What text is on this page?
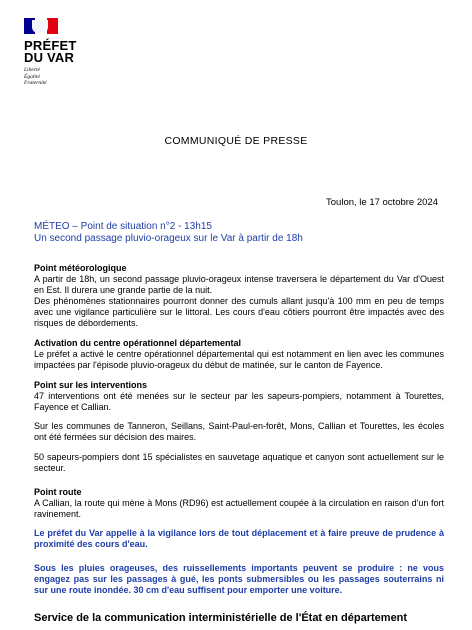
PRÉFET
DU VAR
Liberté
Égalité
Fraternité
COMMUNIQUÉ DE PRESSE
Toulon, le 17 octobre 2024
MÉTEO – Point de situation n°2 - 13h15
Un second passage pluvio-orageux sur le Var à partir de 18h
Point météorologique
A partir de 18h, un second passage pluvio-orageux intense traversera le département du Var d'Ouest en Est. Il durera une grande partie de la nuit.
Des phénomènes stationnaires pourront donner des cumuls allant jusqu'à 100 mm en peu de temps avec une vigilance particulière sur le littoral. Les cours d'eau côtiers pourront être impactés avec des risques de débordements.
Activation du centre opérationnel départemental
Le préfet a activé le centre opérationnel départemental qui est notamment en lien avec les communes impactées par l'épisode pluvio-orageux du début de matinée, sur le canton de Fayence.
Point sur les interventions
47 interventions ont été menées sur le secteur par les sapeurs-pompiers, notamment à Tourettes, Fayence et Callian.
Sur les communes de Tanneron, Seillans, Saint-Paul-en-forêt, Mons, Callian et Tourettes, les écoles ont été fermées sur décision des maires.
50 sapeurs-pompiers dont 15 spécialistes en sauvetage aquatique et canyon sont actuellement sur le secteur.
Point route
A Callian, la route qui mène à Mons (RD96) est actuellement coupée à la circulation en raison d'un fort ravinement.
Le préfet du Var appelle à la vigilance lors de tout déplacement et à faire preuve de prudence à proximité des cours d'eau.
Sous les pluies orageuses, des ruissellements importants peuvent se produire : ne vous engagez pas sur les passages à gué, les ponts submersibles ou les passages souterrains ni sur une route inondée. 30 cm d'eau suffisent pour emporter une voiture.
Service de la communication interministérielle de l'État en département
